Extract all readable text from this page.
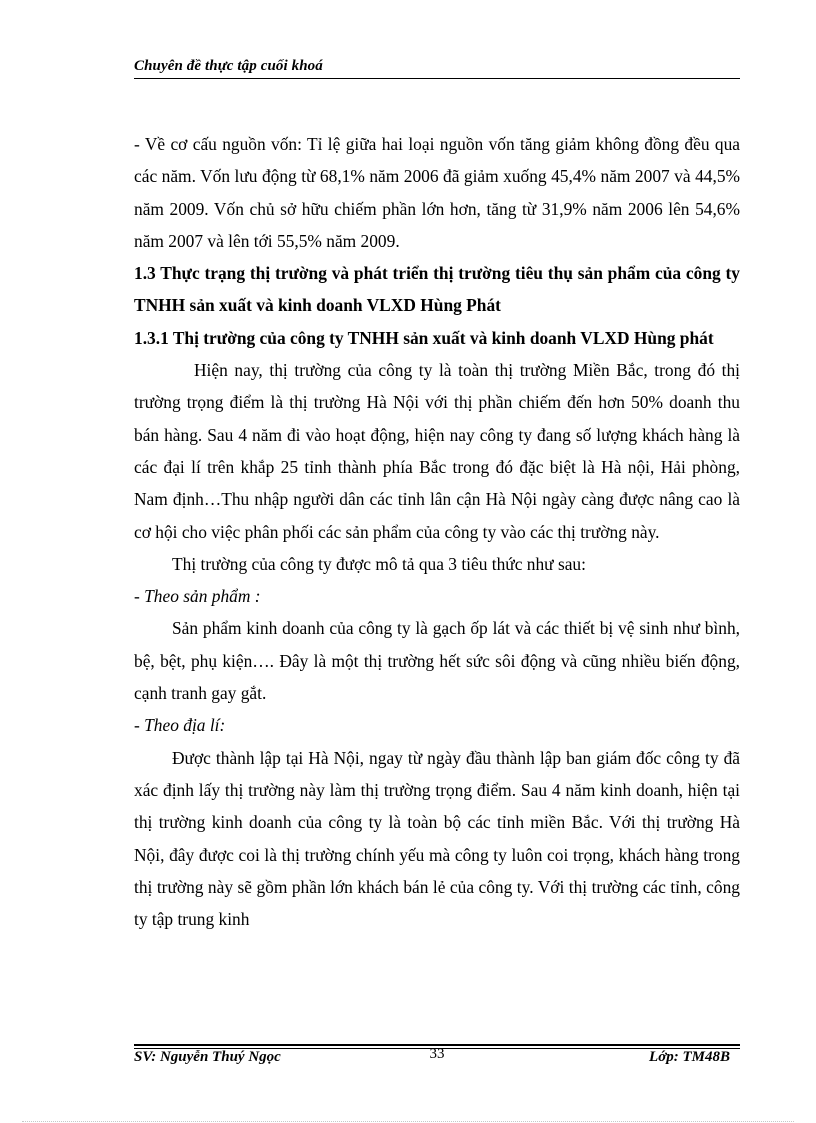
Chuyên đề thực tập cuối khoá

- Về cơ cấu nguồn vốn: Tỉ lệ giữa hai loại nguồn vốn tăng giảm không đồng đều qua các năm. Vốn lưu động từ 68,1% năm 2006 đã giảm xuống 45,4% năm 2007 và 44,5% năm 2009. Vốn chủ sở hữu chiếm phần lớn hơn, tăng từ 31,9% năm 2006 lên 54,6% năm 2007 và lên tới 55,5% năm 2009.

1.3 Thực trạng thị trường và phát triển thị trường tiêu thụ sản phẩm của công ty TNHH sản xuất và kinh doanh VLXD Hùng Phát

1.3.1 Thị trường của công ty TNHH sản xuất và kinh doanh VLXD Hùng phát

Hiện nay, thị trường của công ty là toàn thị trường Miền Bắc, trong đó thị trường trọng điểm là thị trường Hà Nội với thị phần chiếm đến hơn 50% doanh thu bán hàng. Sau 4 năm đi vào hoạt động, hiện nay công ty đang số lượng khách hàng là các đại lí trên khắp 25 tỉnh thành phía Bắc trong đó đặc biệt là Hà nội, Hải phòng, Nam định…Thu nhập người dân các tỉnh lân cận Hà Nội ngày càng được nâng cao là cơ hội cho việc phân phối các sản phẩm của công ty vào các thị trường này.

Thị trường của công ty được mô tả qua 3 tiêu thức như sau:

- Theo sản phẩm :

Sản phẩm kinh doanh của công ty là gạch ốp lát và các thiết bị vệ sinh như bình, bệ, bệt, phụ kiện…. Đây là một thị trường hết sức sôi động và cũng nhiều biến động, cạnh tranh gay gắt.

- Theo địa lí:

Được thành lập tại Hà Nội, ngay từ ngày đầu thành lập ban giám đốc công ty đã xác định lấy thị trường này làm thị trường trọng điểm. Sau 4 năm kinh doanh, hiện tại thị trường kinh doanh của công ty là toàn bộ các tỉnh miền Bắc. Với thị trường Hà Nội, đây được coi là thị trường chính yếu mà công ty luôn coi trọng, khách hàng trong thị trường này sẽ gồm phần lớn khách bán lẻ của công ty. Với thị trường các tỉnh, công ty tập trung kinh

SV: Nguyễn Thuý Ngọc	33	Lớp: TM48B
